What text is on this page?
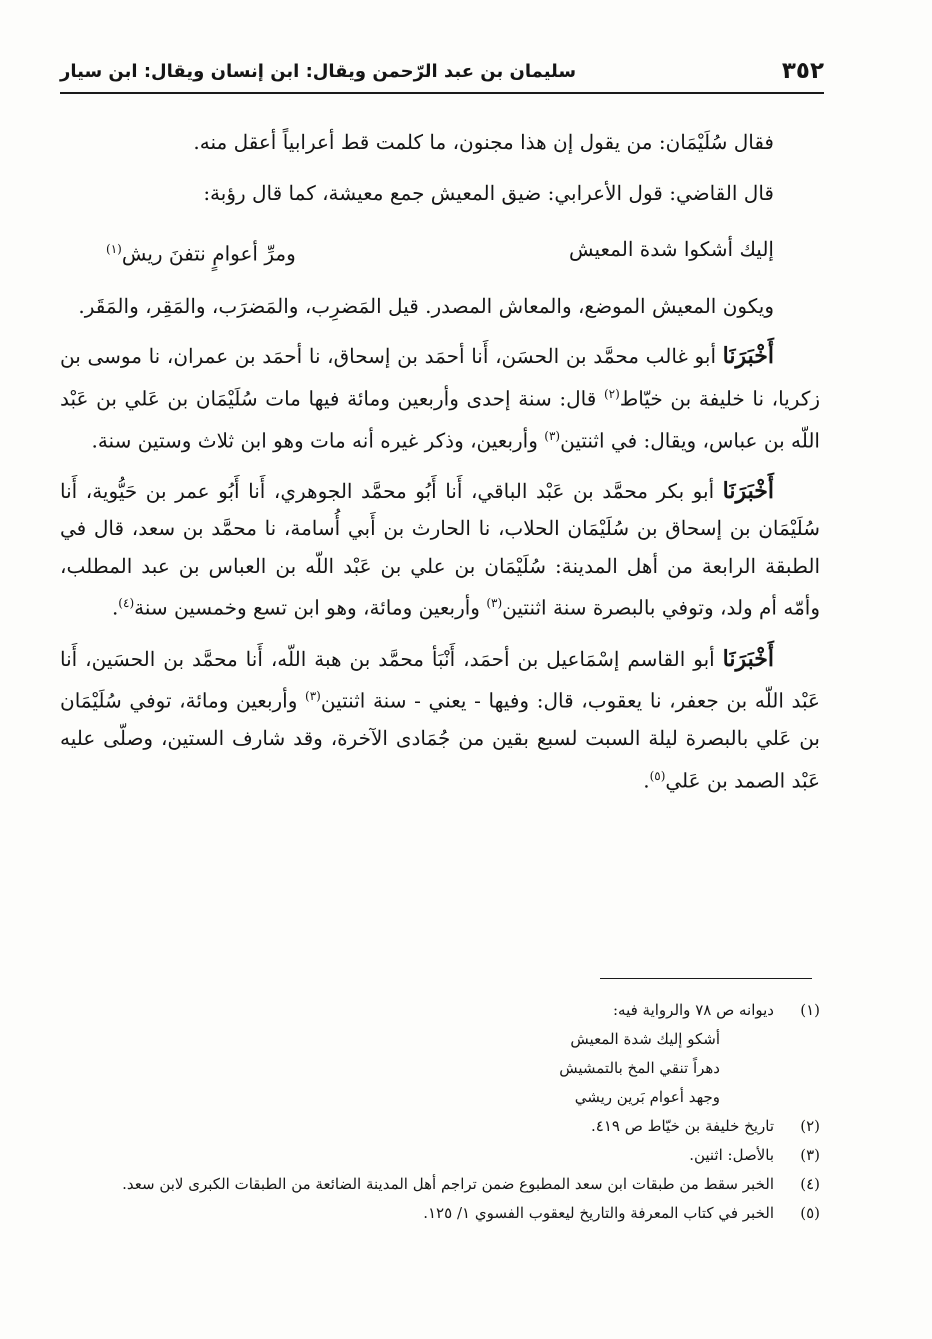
٣٥٢
سليمان بن عبد الرّحمن ويقال: ابن إنسان ويقال: ابن سيار
فقال سُلَيْمَان: من يقول إن هذا مجنون، ما كلمت قط أعرابياً أعقل منه.
قال القاضي: قول الأعرابي: ضيق المعيش جمع معيشة، كما قال رؤبة:
إليك أشكوا شدة المعيش
ومرِّ أعوامٍ نتفنَ ريش$^{(١)}$
ويكون المعيش الموضع، والمعاش المصدر. قيل المَضرِب، والمَضرَب، والمَقِر، والمَقَر.
أَخْبَرَنَا أبو غالب محمَّد بن الحسَن، أَنا أحمَد بن إسحاق، نا أحمَد بن عمران، نا موسى بن زكريا، نا خليفة بن خيّاط$^{(٢)}$ قال: سنة إحدى وأربعين ومائة فيها مات سُلَيْمَان بن عَلي بن عَبْد اللّه بن عباس، ويقال: في اثنتين$^{(٣)}$ وأربعين، وذكر غيره أنه مات وهو ابن ثلاث وستين سنة.
أَخْبَرَنَا أبو بكر محمَّد بن عَبْد الباقي، أَنا أَبُو محمَّد الجوهري، أَنا أَبُو عمر بن حَيُّوية، أَنا سُلَيْمَان بن إسحاق بن سُلَيْمَان الحلاب، نا الحارث بن أَبي أُسامة، نا محمَّد بن سعد، قال في الطبقة الرابعة من أهل المدينة: سُلَيْمَان بن علي بن عَبْد اللّه بن العباس بن عبد المطلب، وأمّه أم ولد، وتوفي بالبصرة سنة اثنتين$^{(٣)}$ وأربعين ومائة، وهو ابن تسع وخمسين سنة$^{(٤)}$.
أَخْبَرَنَا أبو القاسم إسْمَاعيل بن أحمَد، أَنْبَأ محمَّد بن هبة اللّه، أَنا محمَّد بن الحسَين، أَنا عَبْد اللّه بن جعفر، نا يعقوب، قال: وفيها - يعني - سنة اثنتين$^{(٣)}$ وأربعين ومائة، توفي سُلَيْمَان بن عَلي بالبصرة ليلة السبت لسبع بقين من جُمَادى الآخرة، وقد شارف الستين، وصلّى عليه عَبْد الصمد بن عَلي$^{(٥)}$.
(١)
ديوانه ص ٧٨ والرواية فيه:
أشكو إليك شدة المعيش
دهراً تنقي المخ بالتمشيش
وجهد أعوام بَرين ريشي
(٢)
تاريخ خليفة بن خيّاط ص ٤١٩.
(٣)
بالأصل: اثنين.
(٤)
الخبر سقط من طبقات ابن سعد المطبوع ضمن تراجم أهل المدينة الضائعة من الطبقات الكبرى لابن سعد.
(٥)
الخبر في كتاب المعرفة والتاريخ ليعقوب الفسوي ١/ ١٢٥.
